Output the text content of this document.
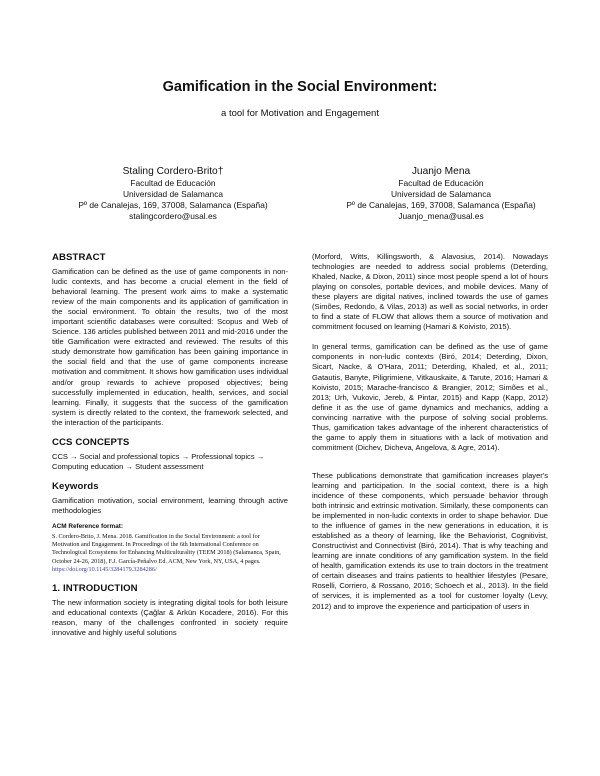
Gamification in the Social Environment:

a tool for Motivation and Engagement

Staling Cordero-Brito†
Facultad de Educación
Universidad de Salamanca
Pº de Canalejas, 169, 37008, Salamanca (España)
stalingcordero@usal.es
Juanjo Mena
Facultad de Educación
Universidad de Salamanca
Pº de Canalejas, 169, 37008, Salamanca (España)
Juanjo_mena@usal.es
ABSTRACT

Gamification can be defined as the use of game components in non-ludic contexts, and has become a crucial element in the field of behavioral learning. The present work aims to make a systematic review of the main components and its application of gamification in the social environment. To obtain the results, two of the most important scientific databases were consulted: Scopus and Web of Science. 136 articles published between 2011 and mid-2016 under the title Gamification were extracted and reviewed. The results of this study demonstrate how gamification has been gaining importance in the social field and that the use of game components increase motivation and commitment. It shows how gamification uses individual and/or group rewards to achieve proposed objectives; being successfully implemented in education, health, services, and social learning. Finally, it suggests that the success of the gamification system is directly related to the context, the framework selected, and the interaction of the participants.

CCS CONCEPTS

CCS → Social and professional topics → Professional topics → Computing education → Student assessment

Keywords

Gamification motivation, social environment, learning through active methodologies

ACM Reference format:

S. Cordero-Brito, J. Mena. 2018. Gamification in the Social Environment: a tool for Motivation and Engagement. In Proceedings of the 6th International Conference on Technological Ecosystems for Enhancing Multiculturality (TEEM 2018) (Salamanca, Spain, October 24-26, 2018), F.J. García-Peñalvo Ed. ACM, New York, NY, USA, 4 pages. https://doi.org/10.1145/3284179.3284286/

1. INTRODUCTION

The new information society is integrating digital tools for both leisure and educational contexts (Çağlar & Arkün Kocadere, 2016). For this reason, many of the challenges confronted in society require innovative and highly useful solutions

(Morford, Witts, Killingsworth, & Alavosius, 2014). Nowadays technologies are needed to address social problems (Deterding, Khaled, Nacke, & Dixon, 2011) since most people spend a lot of hours playing on consoles, portable devices, and mobile devices. Many of these players are digital natives, inclined towards the use of games (Simões, Redondo, & Vilas, 2013) as well as social networks, in order to find a state of FLOW that allows them a source of motivation and commitment focused on learning (Hamari & Koivisto, 2015).

In general terms, gamification can be defined as the use of game components in non-ludic contexts (Biró, 2014; Deterding, Dixon, Sicart, Nacke, & O'Hara, 2011; Deterding, Khaled, et al., 2011; Gatautis, Banyte, Piligrimiene, Vitkauskaite, & Tarute, 2016; Hamari & Koivisto, 2015; Marache-francisco & Brangier, 2012; Simões et al., 2013; Urh, Vukovic, Jereb, & Pintar, 2015) and Kapp (Kapp, 2012) define it as the use of game dynamics and mechanics, adding a convincing narrative with the purpose of solving social problems. Thus, gamification takes advantage of the inherent characteristics of the game to apply them in situations with a lack of motivation and commitment (Dichev, Dicheva, Angelova, & Agre, 2014).

These publications demonstrate that gamification increases player's learning and participation. In the social context, there is a high incidence of these components, which persuade behavior through both intrinsic and extrinsic motivation. Similarly, these components can be implemented in non-ludic contexts in order to shape behavior. Due to the influence of games in the new generations in education, it is established as a theory of learning, like the Behaviorist, Cognitivist, Constructivist and Connectivist (Biró, 2014). That is why teaching and learning are innate conditions of any gamification system. In the field of health, gamification extends its use to train doctors in the treatment of certain diseases and trains patients to healthier lifestyles (Pesare, Roselli, Corriero, & Rossano, 2016; Schoech et al., 2013). In the field of services, it is implemented as a tool for customer loyalty (Levy, 2012) and to improve the experience and participation of users in
